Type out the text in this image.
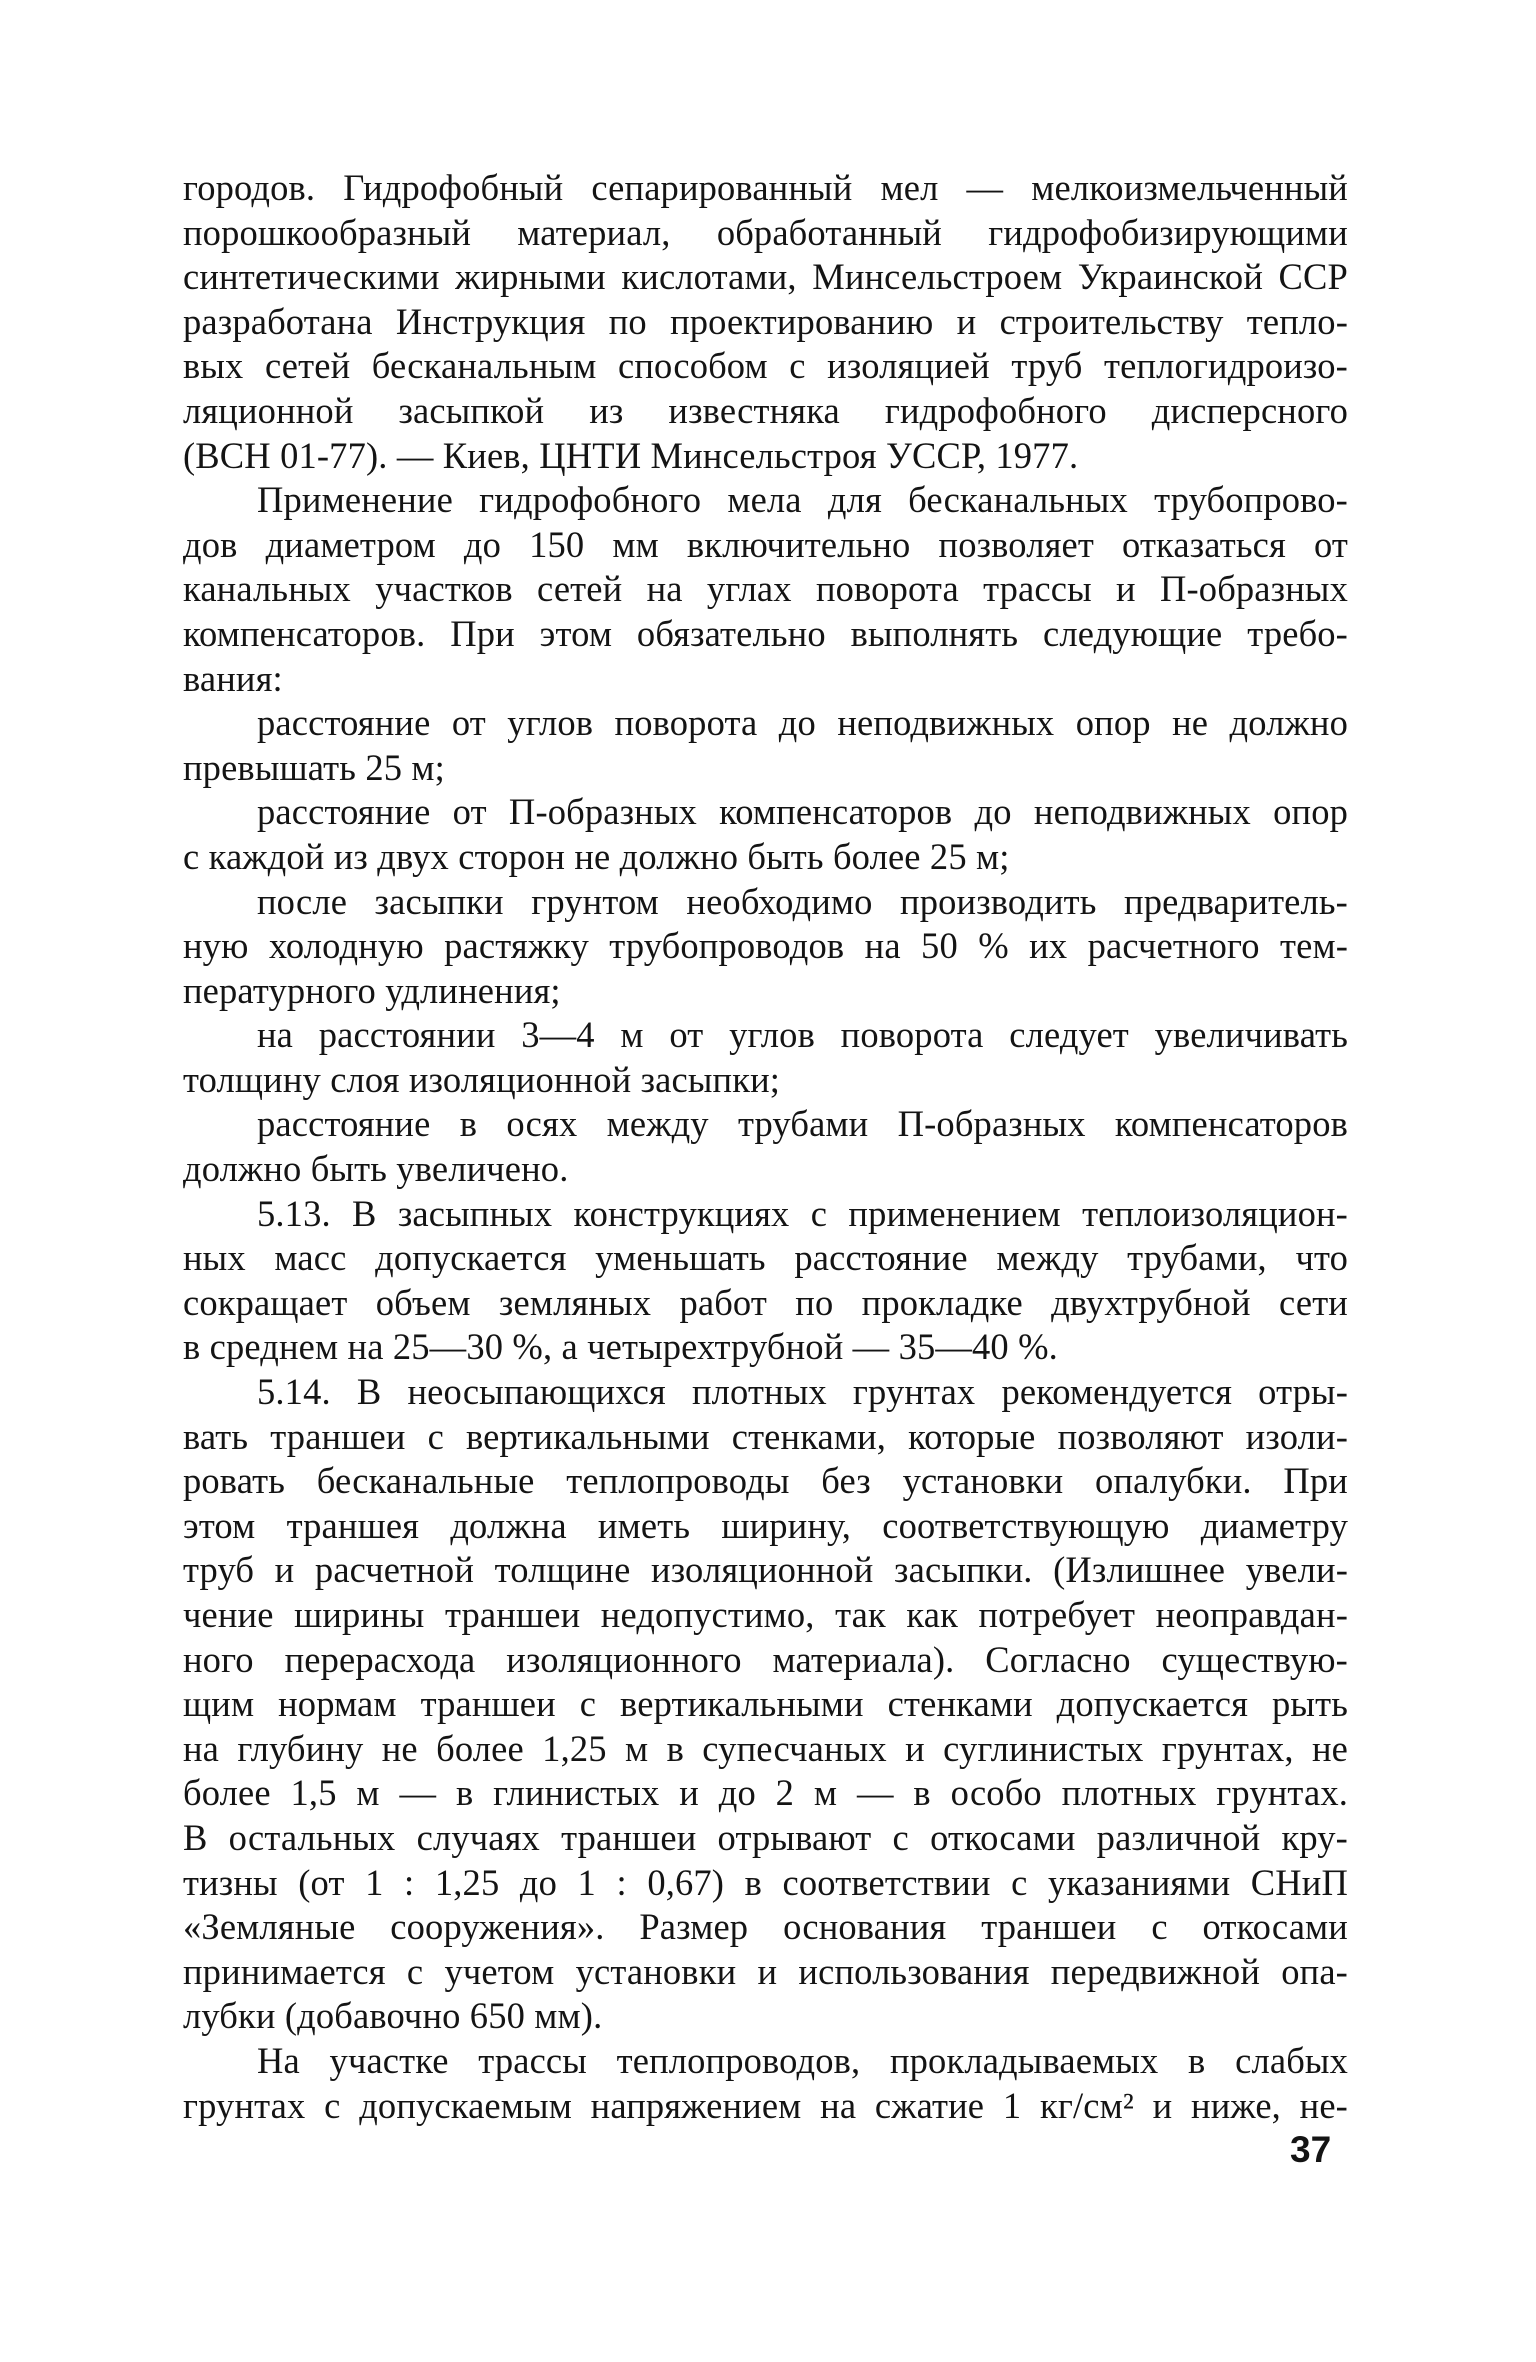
городов. Гидрофобный сепарированный мел — мелкоизмельченный
порошкообразный материал, обработанный гидрофобизирующими
синтетическими жирными кислотами, Минсельстроем Украинской ССР
разработана Инструкция по проектированию и строительству тепло-
вых сетей бесканальным способом с изоляцией труб теплогидроизо-
ляционной засыпкой из известняка гидрофобного дисперсного
(ВСН 01-77). — Киев, ЦНТИ Минсельстроя УССР, 1977.
Применение гидрофобного мела для бесканальных трубопрово-
дов диаметром до 150 мм включительно позволяет отказаться от
канальных участков сетей на углах поворота трассы и П-образных
компенсаторов. При этом обязательно выполнять следующие требо-
вания:
расстояние от углов поворота до неподвижных опор не должно
превышать 25 м;
расстояние от П-образных компенсаторов до неподвижных опор
с каждой из двух сторон не должно быть более 25 м;
после засыпки грунтом необходимо производить предваритель-
ную холодную растяжку трубопроводов на 50 % их расчетного тем-
пературного удлинения;
на расстоянии 3—4 м от углов поворота следует увеличивать
толщину слоя изоляционной засыпки;
расстояние в осях между трубами П-образных компенсаторов
должно быть увеличено.
5.13. В засыпных конструкциях с применением теплоизоляцион-
ных масс допускается уменьшать расстояние между трубами, что
сокращает объем земляных работ по прокладке двухтрубной сети
в среднем на 25—30 %, а четырехтрубной — 35—40 %.
5.14. В неосыпающихся плотных грунтах рекомендуется отры-
вать траншеи с вертикальными стенками, которые позволяют изоли-
ровать бесканальные теплопроводы без установки опалубки. При
этом траншея должна иметь ширину, соответствующую диаметру
труб и расчетной толщине изоляционной засыпки. (Излишнее увели-
чение ширины траншеи недопустимо, так как потребует неоправдан-
ного перерасхода изоляционного материала). Согласно существую-
щим нормам траншеи с вертикальными стенками допускается рыть
на глубину не более 1,25 м в супесчаных и суглинистых грунтах, не
более 1,5 м — в глинистых и до 2 м — в особо плотных грунтах.
В остальных случаях траншеи отрывают с откосами различной кру-
тизны (от 1 : 1,25 до 1 : 0,67) в соответствии с указаниями СНиП
«Земляные сооружения». Размер основания траншеи с откосами
принимается с учетом установки и использования передвижной опа-
лубки (добавочно 650 мм).
На участке трассы теплопроводов, прокладываемых в слабых
грунтах с допускаемым напряжением на сжатие 1 кг/см² и ниже, не-
37
